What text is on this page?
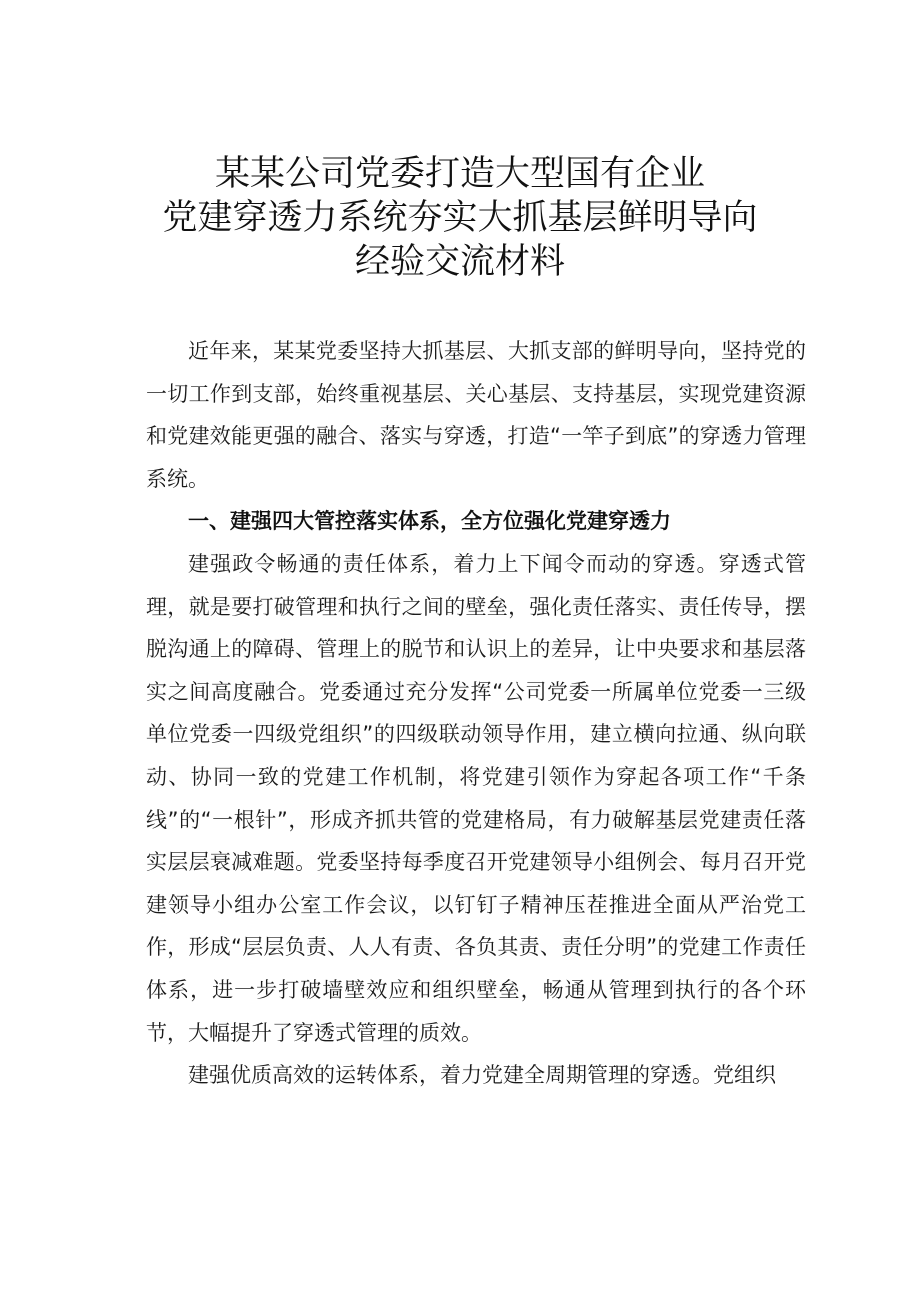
某某公司党委打造大型国有企业
党建穿透力系统夯实大抓基层鲜明导向
经验交流材料

近年来，某某党委坚持大抓基层、大抓支部的鲜明导向，坚持党的一切工作到支部，始终重视基层、关心基层、支持基层，实现党建资源和党建效能更强的融合、落实与穿透，打造“一竿子到底”的穿透力管理系统。

一、建强四大管控落实体系，全方位强化党建穿透力

建强政令畅通的责任体系，着力上下闻令而动的穿透。穿透式管理，就是要打破管理和执行之间的壁垒，强化责任落实、责任传导，摆脱沟通上的障碍、管理上的脱节和认识上的差异，让中央要求和基层落实之间高度融合。党委通过充分发挥“公司党委一所属单位党委一三级单位党委一四级党组织”的四级联动领导作用，建立横向拉通、纵向联动、协同一致的党建工作机制，将党建引领作为穿起各项工作“千条线”的“一根针”，形成齐抓共管的党建格局，有力破解基层党建责任落实层层衰减难题。党委坚持每季度召开党建领导小组例会、每月召开党建领导小组办公室工作会议，以钉钉子精神压茬推进全面从严治党工作，形成“层层负责、人人有责、各负其责、责任分明”的党建工作责任体系，进一步打破墙壁效应和组织壁垒，畅通从管理到执行的各个环节，大幅提升了穿透式管理的质效。

建强优质高效的运转体系，着力党建全周期管理的穿透。党组织
